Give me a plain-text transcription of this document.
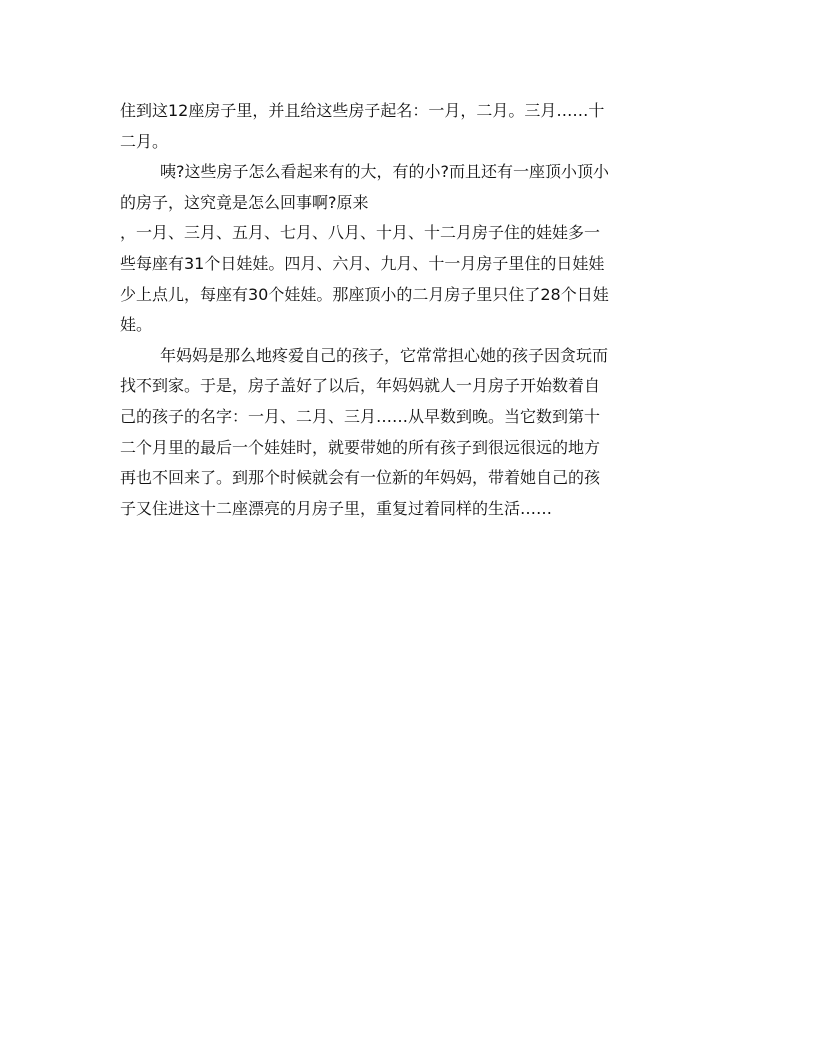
住到这12座房子里，并且给这些房子起名：一月，二月。三月……十
二月。
咦?这些房子怎么看起来有的大，有的小?而且还有一座顶小顶小
的房子，这究竟是怎么回事啊?原来
，一月、三月、五月、七月、八月、十月、十二月房子住的娃娃多一
些每座有31个日娃娃。四月、六月、九月、十一月房子里住的日娃娃
少上点儿，每座有30个娃娃。那座顶小的二月房子里只住了28个日娃
娃。
年妈妈是那么地疼爱自己的孩子，它常常担心她的孩子因贪玩而
找不到家。于是，房子盖好了以后，年妈妈就人一月房子开始数着自
己的孩子的名字：一月、二月、三月……从早数到晚。当它数到第十
二个月里的最后一个娃娃时，就要带她的所有孩子到很远很远的地方
再也不回来了。到那个时候就会有一位新的年妈妈，带着她自己的孩
子又住进这十二座漂亮的月房子里，重复过着同样的生活……
